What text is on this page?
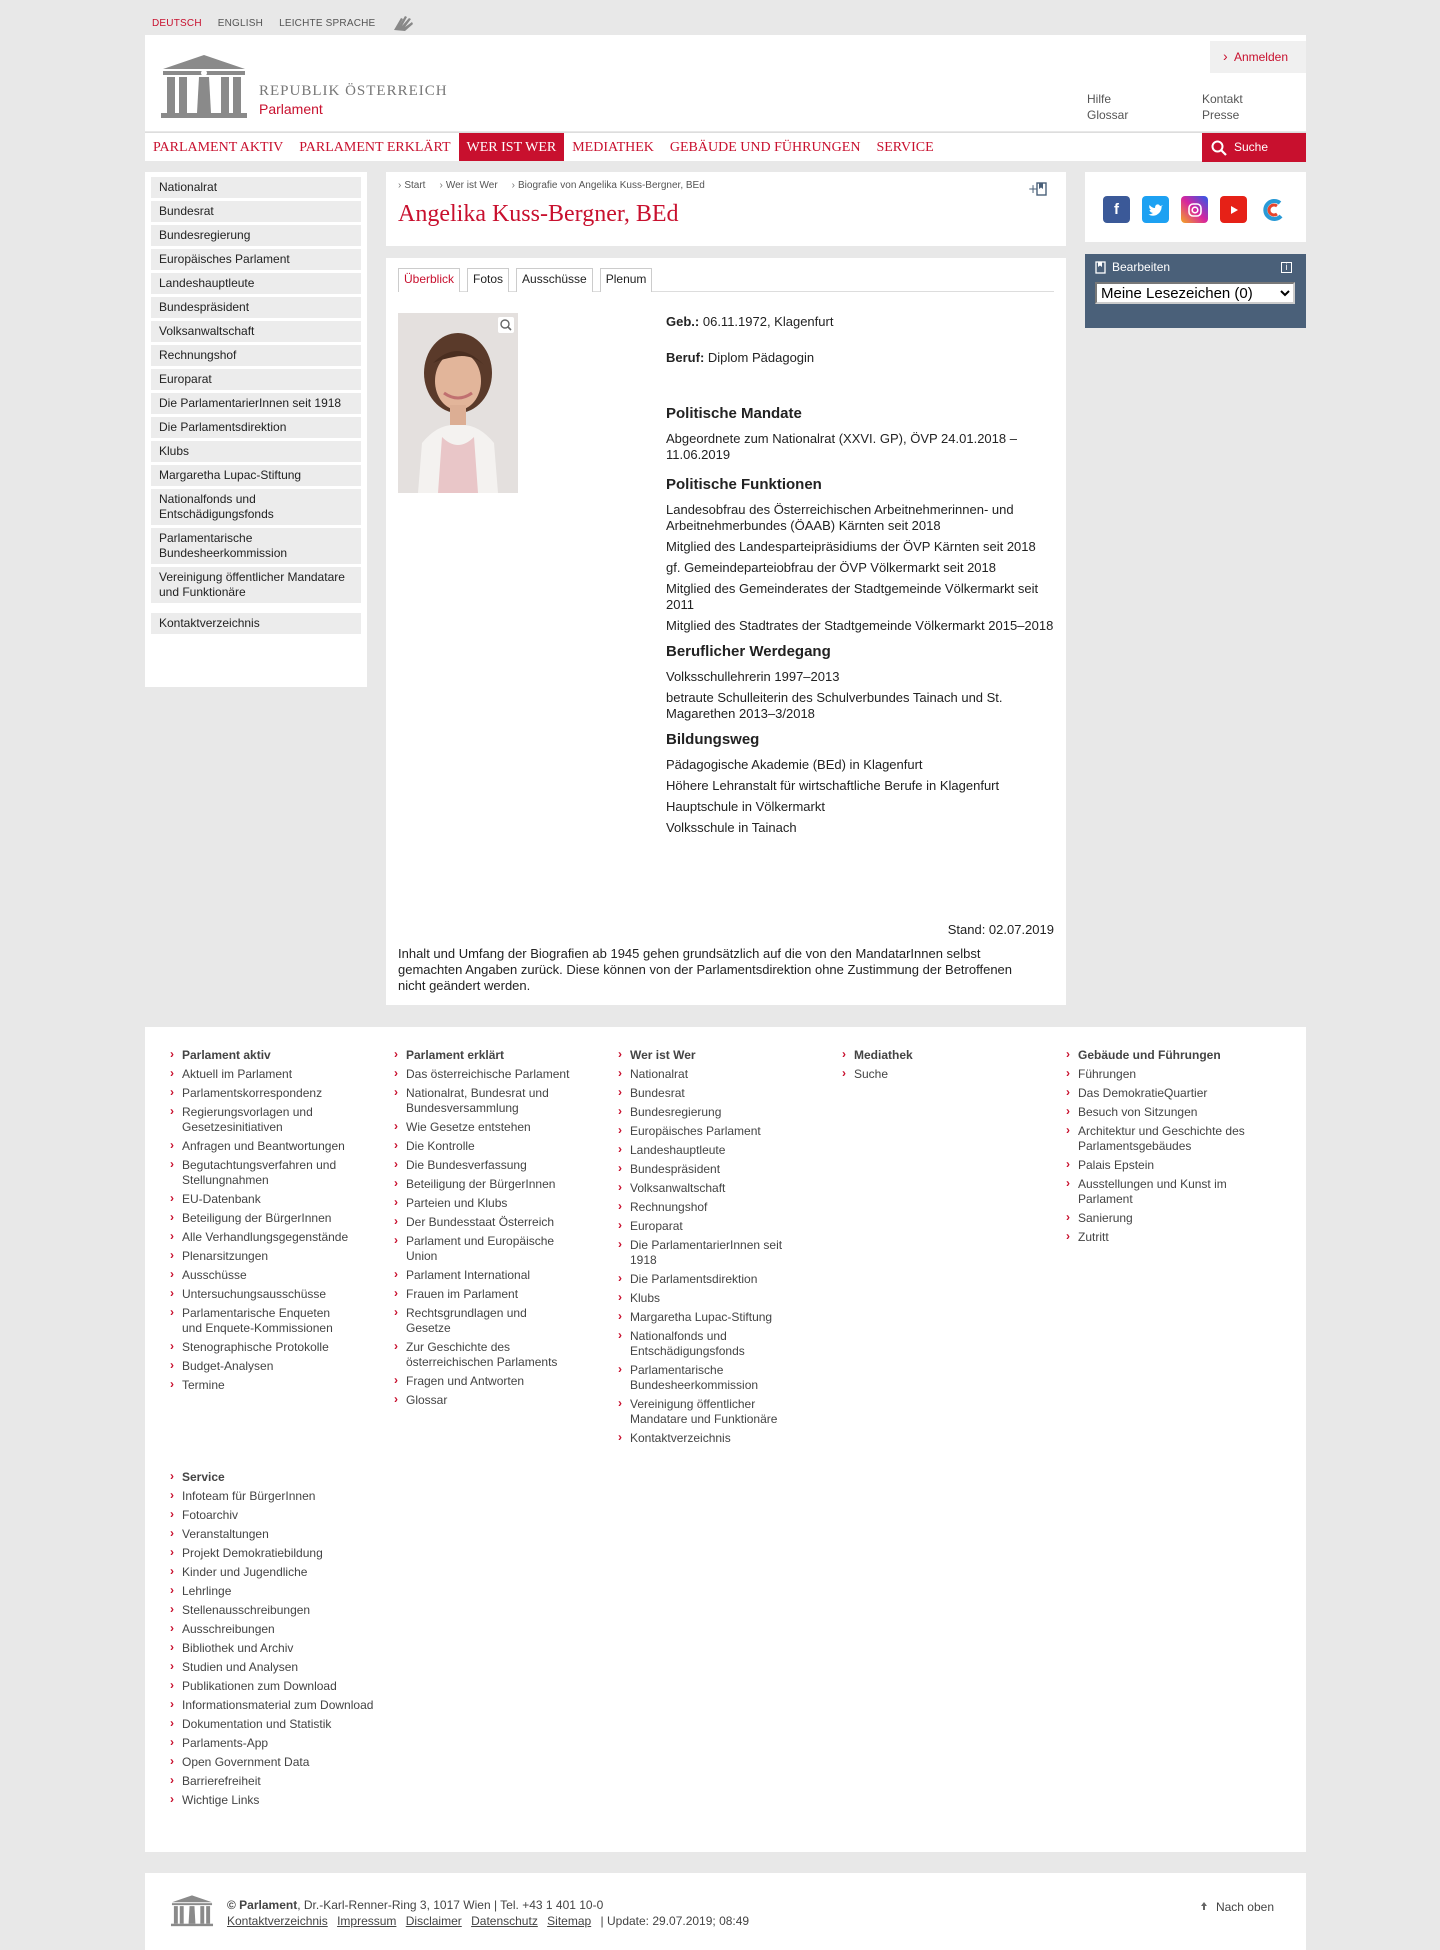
DEUTSCH ENGLISH LEICHTE SPRACHE
REPUBLIK ÖSTERREICH
Parlament
› Anmelden
Hilfe	Kontakt
Glossar	Presse
PARLAMENT AKTIV	PARLAMENT ERKLÄRT	WER IST WER	MEDIATHEK	GEBÄUDE UND FÜHRUNGEN	SERVICE	Suche
Nationalrat
Bundesrat
Bundesregierung
Europäisches Parlament
Landeshauptleute
Bundespräsident
Volksanwaltschaft
Rechnungshof
Europarat
Die ParlamentarierInnen seit 1918
Die Parlamentsdirektion
Klubs
Margaretha Lupac-Stiftung
Nationalfonds und Entschädigungsfonds
Parlamentarische Bundesheerkommission
Vereinigung öffentlicher Mandatare und Funktionäre
Kontaktverzeichnis
› Start	› Wer ist Wer	› Biografie von Angelika Kuss-Bergner, BEd
Angelika Kuss-Bergner, BEd
+
Überblick	Fotos	Ausschüsse	Plenum
Geb.: 06.11.1972, Klagenfurt
Beruf: Diplom Pädagogin
Politische Mandate

Abgeordnete zum Nationalrat (XXVI. GP), ÖVP 24.01.2018 – 11.06.2019

Politische Funktionen

Landesobfrau des Österreichischen Arbeitnehmerinnen- und Arbeitnehmerbundes (ÖAAB) Kärnten seit 2018

Mitglied des Landesparteipräsidiums der ÖVP Kärnten seit 2018

gf. Gemeindeparteiobfrau der ÖVP Völkermarkt seit 2018

Mitglied des Gemeinderates der Stadtgemeinde Völkermarkt seit 2011

Mitglied des Stadtrates der Stadtgemeinde Völkermarkt 2015–2018

Beruflicher Werdegang

Volksschullehrerin 1997–2013

betraute Schulleiterin des Schulverbundes Tainach und St. Magarethen 2013–3/2018

Bildungsweg

Pädagogische Akademie (BEd) in Klagenfurt

Höhere Lehranstalt für wirtschaftliche Berufe in Klagenfurt

Hauptschule in Völkermarkt

Volksschule in Tainach

Stand: 02.07.2019
Inhalt und Umfang der Biografien ab 1945 gehen grundsätzlich auf die von den MandatarInnen selbst gemachten Angaben zurück. Diese können von der Parlamentsdirektion ohne Zustimmung der Betroffenen nicht geändert werden.
f
Bearbeiten	i
Meine Lesezeichen (0)
› Parlament aktiv
› Aktuell im Parlament
› Parlamentskorrespondenz
› Regierungsvorlagen und Gesetzesinitiativen
› Anfragen und Beantwortungen
› Begutachtungsverfahren und Stellungnahmen
› EU-Datenbank
› Beteiligung der BürgerInnen
› Alle Verhandlungsgegenstände
› Plenarsitzungen
› Ausschüsse
› Untersuchungsausschüsse
› Parlamentarische Enqueten und Enquete-Kommissionen
› Stenographische Protokolle
› Budget-Analysen
› Termine
› Parlament erklärt
› Das österreichische Parlament
› Nationalrat, Bundesrat und Bundesversammlung
› Wie Gesetze entstehen
› Die Kontrolle
› Die Bundesverfassung
› Beteiligung der BürgerInnen
› Parteien und Klubs
› Der Bundesstaat Österreich
› Parlament und Europäische Union
› Parlament International
› Frauen im Parlament
› Rechtsgrundlagen und Gesetze
› Zur Geschichte des österreichischen Parlaments
› Fragen und Antworten
› Glossar
› Wer ist Wer
› Nationalrat
› Bundesrat
› Bundesregierung
› Europäisches Parlament
› Landeshauptleute
› Bundespräsident
› Volksanwaltschaft
› Rechnungshof
› Europarat
› Die ParlamentarierInnen seit 1918
› Die Parlamentsdirektion
› Klubs
› Margaretha Lupac-Stiftung
› Nationalfonds und Entschädigungsfonds
› Parlamentarische Bundesheerkommission
› Vereinigung öffentlicher Mandatare und Funktionäre
› Kontaktverzeichnis
› Mediathek
› Suche
› Gebäude und Führungen
› Führungen
› Das DemokratieQuartier
› Besuch von Sitzungen
› Architektur und Geschichte des Parlamentsgebäudes
› Palais Epstein
› Ausstellungen und Kunst im Parlament
› Sanierung
› Zutritt
› Service
› Infoteam für BürgerInnen
› Fotoarchiv
› Veranstaltungen
› Projekt Demokratiebildung
› Kinder und Jugendliche
› Lehrlinge
› Stellenausschreibungen
› Ausschreibungen
› Bibliothek und Archiv
› Studien und Analysen
› Publikationen zum Download
› Informationsmaterial zum Download
› Dokumentation und Statistik
› Parlaments-App
› Open Government Data
› Barrierefreiheit
› Wichtige Links
© Parlament, Dr.-Karl-Renner-Ring 3, 1017 Wien | Tel. +43 1 401 10-0
Kontaktverzeichnis Impressum Disclaimer Datenschutz Sitemap | Update: 29.07.2019; 08:49
Nach oben
